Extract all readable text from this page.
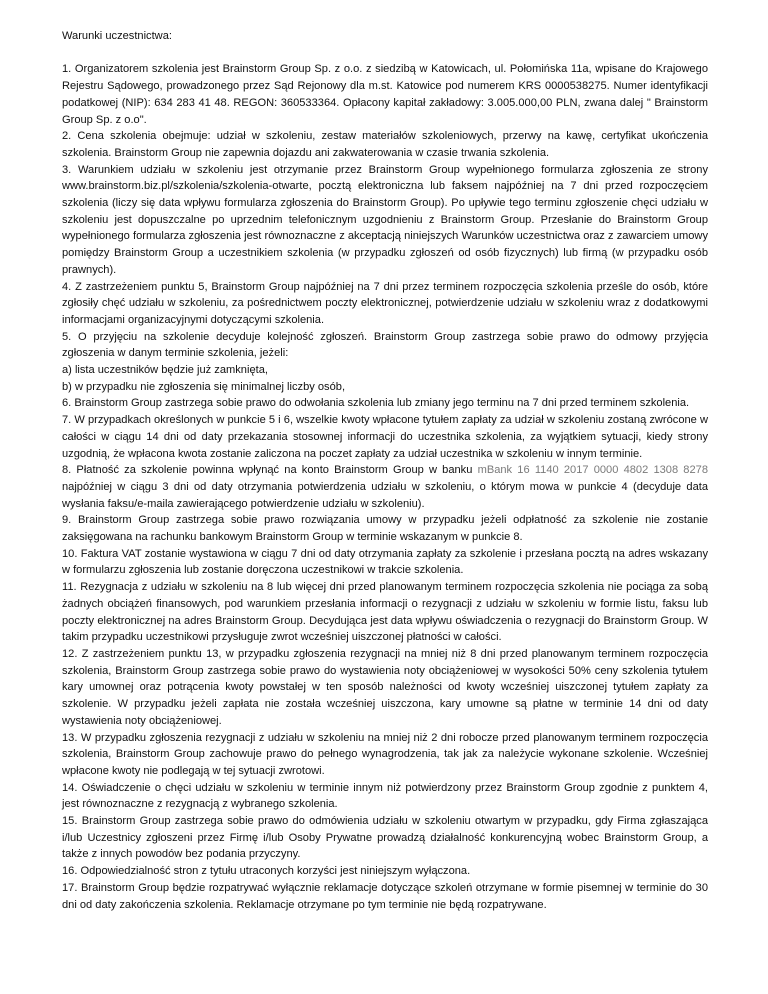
Warunki uczestnictwa:

1. Organizatorem szkolenia jest Brainstorm Group Sp. z o.o. z siedzibą w Katowicach, ul. Połomińska 11a, wpisane do Krajowego Rejestru Sądowego, prowadzonego przez Sąd Rejonowy dla m.st. Katowice pod numerem KRS 0000538275. Numer identyfikacji podatkowej (NIP): 634 283 41 48. REGON: 360533364. Opłacony kapitał zakładowy: 3.005.000,00 PLN, zwana dalej " Brainstorm Group Sp. z o.o".

2. Cena szkolenia obejmuje: udział w szkoleniu, zestaw materiałów szkoleniowych, przerwy na kawę, certyfikat ukończenia szkolenia. Brainstorm Group nie zapewnia dojazdu ani zakwaterowania w czasie trwania szkolenia.

3. Warunkiem udziału w szkoleniu jest otrzymanie przez Brainstorm Group wypełnionego formularza zgłoszenia ze strony www.brainstorm.biz.pl/szkolenia/szkolenia-otwarte, pocztą elektroniczna lub faksem najpóźniej na 7 dni przed rozpoczęciem szkolenia (liczy się data wpływu formularza zgłoszenia do Brainstorm Group). Po upływie tego terminu zgłoszenie chęci udziału w szkoleniu jest dopuszczalne po uprzednim telefonicznym uzgodnieniu z Brainstorm Group. Przesłanie do Brainstorm Group wypełnionego formularza zgłoszenia jest równoznaczne z akceptacją niniejszych Warunków uczestnictwa oraz z zawarciem umowy pomiędzy Brainstorm Group a uczestnikiem szkolenia (w przypadku zgłoszeń od osób fizycznych) lub firmą (w przypadku osób prawnych).

4. Z zastrzeżeniem punktu 5, Brainstorm Group najpóźniej na 7 dni przez terminem rozpoczęcia szkolenia prześle do osób, które zgłosiły chęć udziału w szkoleniu, za pośrednictwem poczty elektronicznej, potwierdzenie udziału w szkoleniu wraz z dodatkowymi informacjami organizacyjnymi dotyczącymi szkolenia.

5. O przyjęciu na szkolenie decyduje kolejność zgłoszeń. Brainstorm Group zastrzega sobie prawo do odmowy przyjęcia zgłoszenia w danym terminie szkolenia, jeżeli:

a) lista uczestników będzie już zamknięta,

b) w przypadku nie zgłoszenia się minimalnej liczby osób,

6. Brainstorm Group zastrzega sobie prawo do odwołania szkolenia lub zmiany jego terminu na 7 dni przed terminem szkolenia.

7. W przypadkach określonych w punkcie 5 i 6, wszelkie kwoty wpłacone tytułem zapłaty za udział w szkoleniu zostaną zwrócone w całości w ciągu 14 dni od daty przekazania stosownej informacji do uczestnika szkolenia, za wyjątkiem sytuacji, kiedy strony uzgodnią, że wpłacona kwota zostanie zaliczona na poczet zapłaty za udział uczestnika w szkoleniu w innym terminie.

8. Płatność za szkolenie powinna wpłynąć na konto Brainstorm Group w banku mBank 16 1140 2017 0000 4802 1308 8278 najpóźniej w ciągu 3 dni od daty otrzymania potwierdzenia udziału w szkoleniu, o którym mowa w punkcie 4 (decyduje data wysłania faksu/e-maila zawierającego potwierdzenie udziału w szkoleniu).

9. Brainstorm Group zastrzega sobie prawo rozwiązania umowy w przypadku jeżeli odpłatność za szkolenie nie zostanie zaksięgowana na rachunku bankowym Brainstorm Group w terminie wskazanym w punkcie 8.

10. Faktura VAT zostanie wystawiona w ciągu 7 dni od daty otrzymania zapłaty za szkolenie i przesłana pocztą na adres wskazany w formularzu zgłoszenia lub zostanie doręczona uczestnikowi w trakcie szkolenia.

11. Rezygnacja z udziału w szkoleniu na 8 lub więcej dni przed planowanym terminem rozpoczęcia szkolenia nie pociąga za sobą żadnych obciążeń finansowych, pod warunkiem przesłania informacji o rezygnacji z udziału w szkoleniu w formie listu, faksu lub poczty elektronicznej na adres Brainstorm Group. Decydująca jest data wpływu oświadczenia o rezygnacji do Brainstorm Group. W takim przypadku uczestnikowi przysługuje zwrot wcześniej uiszczonej płatności w całości.

12. Z zastrzeżeniem punktu 13, w przypadku zgłoszenia rezygnacji na mniej niż 8 dni przed planowanym terminem rozpoczęcia szkolenia, Brainstorm Group zastrzega sobie prawo do wystawienia noty obciążeniowej w wysokości 50% ceny szkolenia tytułem kary umownej oraz potrącenia kwoty powstałej w ten sposób należności od kwoty wcześniej uiszczonej tytułem zapłaty za szkolenie. W przypadku jeżeli zapłata nie została wcześniej uiszczona, kary umowne są płatne w terminie 14 dni od daty wystawienia noty obciążeniowej.

13. W przypadku zgłoszenia rezygnacji z udziału w szkoleniu na mniej niż 2 dni robocze przed planowanym terminem rozpoczęcia szkolenia, Brainstorm Group zachowuje prawo do pełnego wynagrodzenia, tak jak za należycie wykonane szkolenie. Wcześniej wpłacone kwoty nie podlegają w tej sytuacji zwrotowi.

14. Oświadczenie o chęci udziału w szkoleniu w terminie innym niż potwierdzony przez Brainstorm Group zgodnie z punktem 4, jest równoznaczne z rezygnacją z wybranego szkolenia.

15. Brainstorm Group zastrzega sobie prawo do odmówienia udziału w szkoleniu otwartym w przypadku, gdy Firma zgłaszająca i/lub Uczestnicy zgłoszeni przez Firmę i/lub Osoby Prywatne prowadzą działalność konkurencyjną wobec Brainstorm Group, a także z innych powodów bez podania przyczyny.

16. Odpowiedzialność stron z tytułu utraconych korzyści jest niniejszym wyłączona.

17. Brainstorm Group będzie rozpatrywać wyłącznie reklamacje dotyczące szkoleń otrzymane w formie pisemnej w terminie do 30 dni od daty zakończenia szkolenia. Reklamacje otrzymane po tym terminie nie będą rozpatrywane.
